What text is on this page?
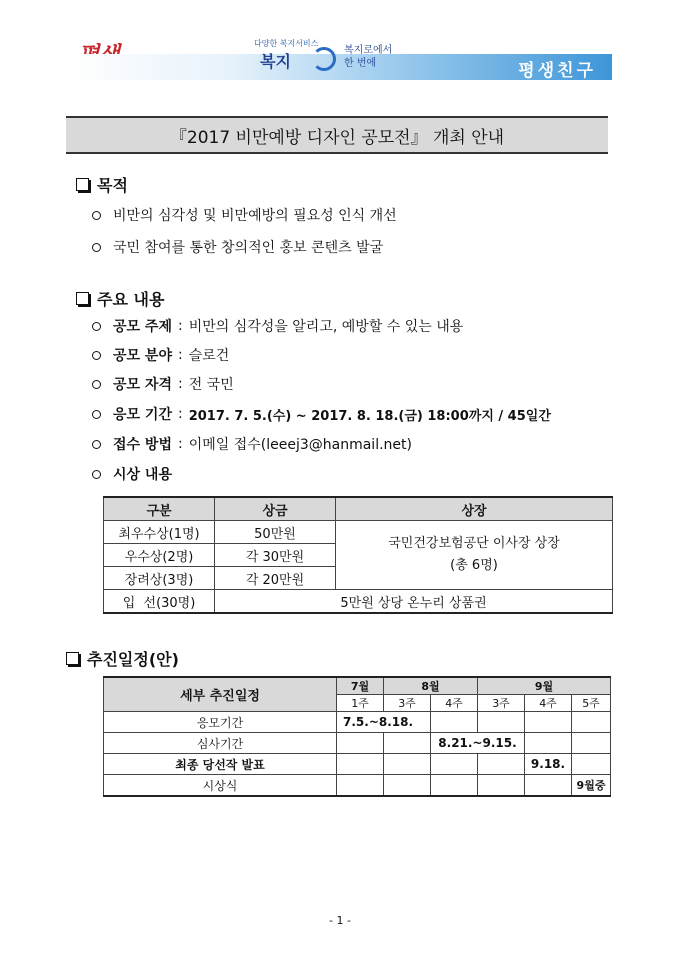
평생친구
다양한 복지서비스
복지
복지로에서
한 번에
『2017 비만예방 디자인 공모전』 개최 안내
목적
비만의 심각성 및 비만예방의 필요성 인식 개선
국민 참여를 통한 창의적인 홍보 콘텐츠 발굴
주요 내용
공모 주제 : 비만의 심각성을 알리고, 예방할 수 있는 내용
공모 분야 : 슬로건
공모 자격 : 전 국민
응모 기간 : 2017. 7. 5.(수) ~ 2017. 8. 18.(금) 18:00까지 / 45일간
접수 방법 : 이메일 접수(leeej3@hanmail.net)
시상 내용
구분	상금	상장
최우수상(1명)	50만원	국민건강보험공단 이사장 상장
(총 6명)

우수상(2명)	각 30만원	
장려상(3명)	각 20만원	
입  선(30명)	5만원 상당 온누리 상품권	
추진일정(안)
세부 추진일정	7월	8월		9월		
	1주	3주	4주	3주	4주	5주
응모기간	7.5.~8.18.					
심사기간			8.21.~9.15.			
최종 당선작 발표					9.18.	
시상식						9월중
- 1 -
